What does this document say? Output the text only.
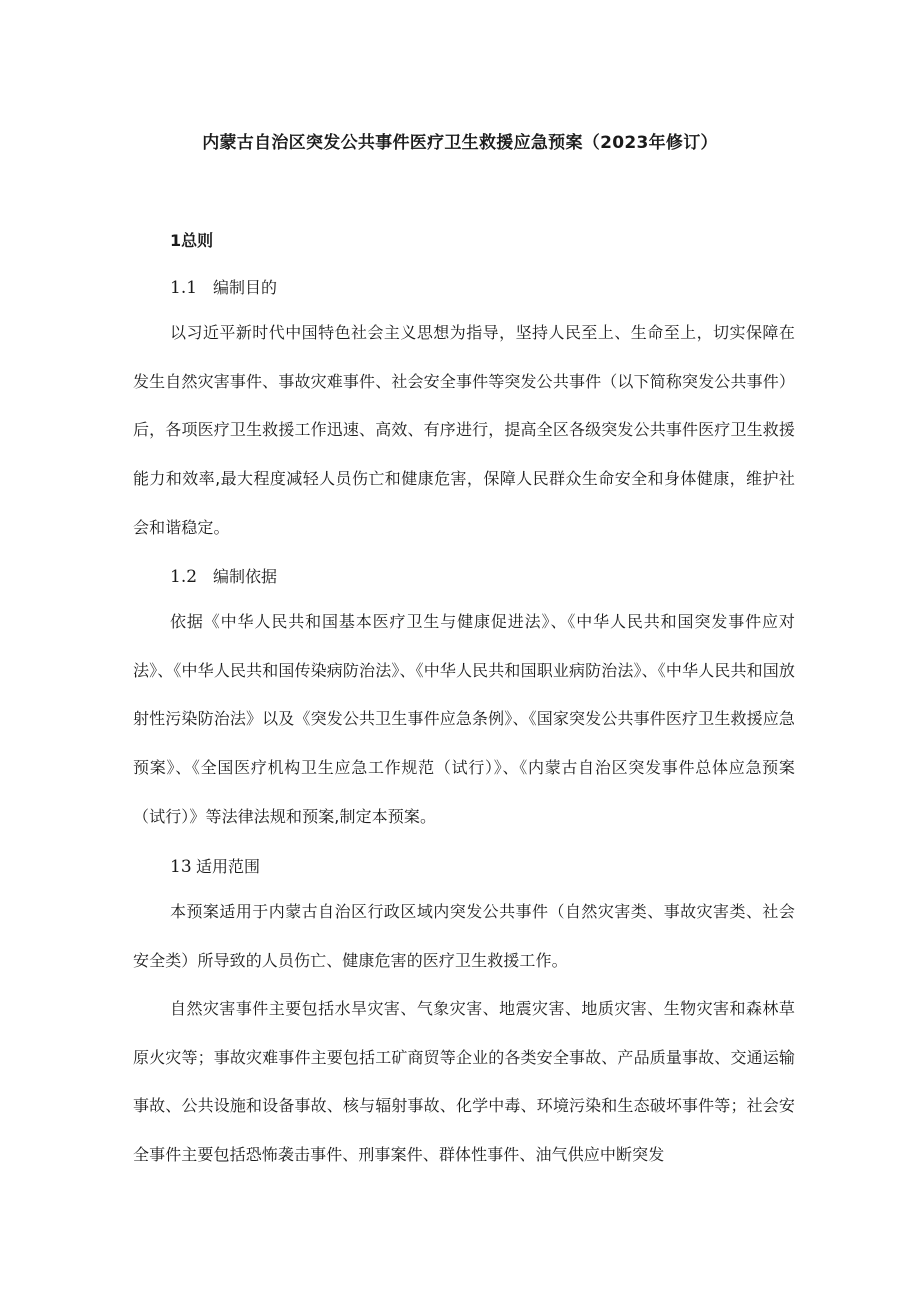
内蒙古自治区突发公共事件医疗卫生救援应急预案（2023年修订）
1总则
1.1 编制目的
以习近平新时代中国特色社会主义思想为指导，坚持人民至上、生命至上，切实保障在发生自然灾害事件、事故灾难事件、社会安全事件等突发公共事件（以下简称突发公共事件）后，各项医疗卫生救援工作迅速、高效、有序进行，提高全区各级突发公共事件医疗卫生救援能力和效率,最大程度减轻人员伤亡和健康危害，保障人民群众生命安全和身体健康，维护社会和谐稳定。
1.2 编制依据
依据《中华人民共和国基本医疗卫生与健康促进法》、《中华人民共和国突发事件应对法》、《中华人民共和国传染病防治法》、《中华人民共和国职业病防治法》、《中华人民共和国放射性污染防治法》以及《突发公共卫生事件应急条例》、《国家突发公共事件医疗卫生救援应急预案》、《全国医疗机构卫生应急工作规范（试行）》、《内蒙古自治区突发事件总体应急预案（试行）》等法律法规和预案,制定本预案。
13 适用范围
本预案适用于内蒙古自治区行政区域内突发公共事件（自然灾害类、事故灾害类、社会安全类）所导致的人员伤亡、健康危害的医疗卫生救援工作。
自然灾害事件主要包括水旱灾害、气象灾害、地震灾害、地质灾害、生物灾害和森林草原火灾等；事故灾难事件主要包括工矿商贸等企业的各类安全事故、产品质量事故、交通运输事故、公共设施和设备事故、核与辐射事故、化学中毒、环境污染和生态破坏事件等；社会安全事件主要包括恐怖袭击事件、刑事案件、群体性事件、油气供应中断突发
